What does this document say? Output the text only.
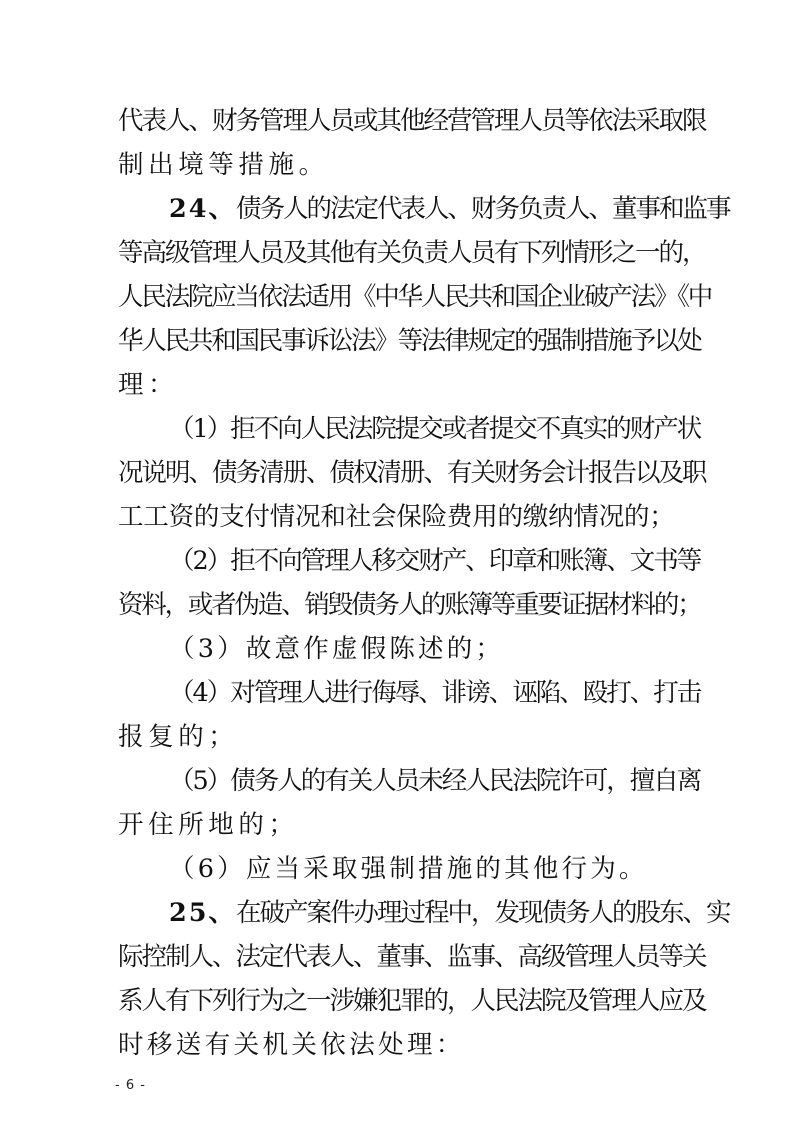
代表人、财务管理人员或其他经营管理人员等依法采取限
制出境等措施。
24、债务人的法定代表人、财务负责人、董事和监事
等高级管理人员及其他有关负责人员有下列情形之一的，
人民法院应当依法适用《中华人民共和国企业破产法》《中
华人民共和国民事诉讼法》等法律规定的强制措施予以处
理：
（1）拒不向人民法院提交或者提交不真实的财产状
况说明、债务清册、债权清册、有关财务会计报告以及职
工工资的支付情况和社会保险费用的缴纳情况的；
（2）拒不向管理人移交财产、印章和账簿、文书等
资料，或者伪造、销毁债务人的账簿等重要证据材料的；
（3）故意作虚假陈述的；
（4）对管理人进行侮辱、诽谤、诬陷、殴打、打击
报复的；
（5）债务人的有关人员未经人民法院许可，擅自离
开住所地的；
（6）应当采取强制措施的其他行为。
25、在破产案件办理过程中，发现债务人的股东、实
际控制人、法定代表人、董事、监事、高级管理人员等关
系人有下列行为之一涉嫌犯罪的，人民法院及管理人应及
时移送有关机关依法处理：
- 6 -
